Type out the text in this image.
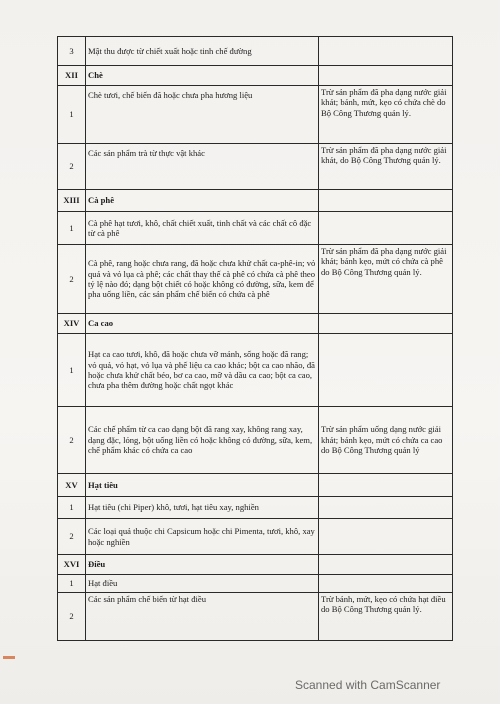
3	Mật thu được từ chiết xuất hoặc tinh chế đường	
XII	Chè	
1	Chè tươi, chế biến đã hoặc chưa pha hương liệu	Trừ sản phẩm đã pha dạng nước giải khát; bánh, mứt, kẹo có chứa chè do Bộ Công Thương quản lý.
2	Các sản phẩm trà từ thực vật khác	Trừ sản phẩm đã pha dạng nước giải khát, do Bộ Công Thương quản lý.
XIII	Cà phê	
1	Cà phê hạt tươi, khô, chất chiết xuất, tinh chất và các chất cô đặc từ cà phê	
2	Cà phê, rang hoặc chưa rang, đã hoặc chưa khử chất ca-phê-in; vỏ quả và vỏ lụa cà phê; các chất thay thế cà phê có chứa cà phê theo tỷ lệ nào đó; dạng bột chiết có hoặc không có đường, sữa, kem để pha uống liền, các sản phẩm chế biến có chứa cà phê	Trừ sản phẩm đã pha dạng nước giải khát; bánh kẹo, mứt có chứa cà phê do Bộ Công Thương quản lý.
XIV	Ca cao	
1	Hạt ca cao tươi, khô, đã hoặc chưa vỡ mảnh, sống hoặc đã rang; vỏ quả, vỏ hạt, vỏ lụa và phế liệu ca cao khác; bột ca cao nhão, đã hoặc chưa khử chất béo, bơ ca cao, mỡ và dầu ca cao; bột ca cao, chưa pha thêm đường hoặc chất ngọt khác	
2	Các chế phẩm từ ca cao dạng bột đã rang xay, không rang xay, dạng đặc, lỏng, bột uống liền có hoặc không có đường, sữa, kem, chế phẩm khác có chứa ca cao	Trừ sản phẩm uống dạng nước giải khát; bánh kẹo, mứt có chứa ca cao do Bộ Công Thương quản lý
XV	Hạt tiêu	
1	Hạt tiêu (chi Piper) khô, tươi, hạt tiêu xay, nghiền	
2	Các loại quả thuộc chi Capsicum hoặc chi Pimenta, tươi, khô, xay hoặc nghiền	
XVI	Điều	
1	Hạt điều	
2	Các sản phẩm chế biến từ hạt điều	Trừ bánh, mứt, kẹo có chứa hạt điều do Bộ Công Thương quản lý.
Scanned with CamScanner
